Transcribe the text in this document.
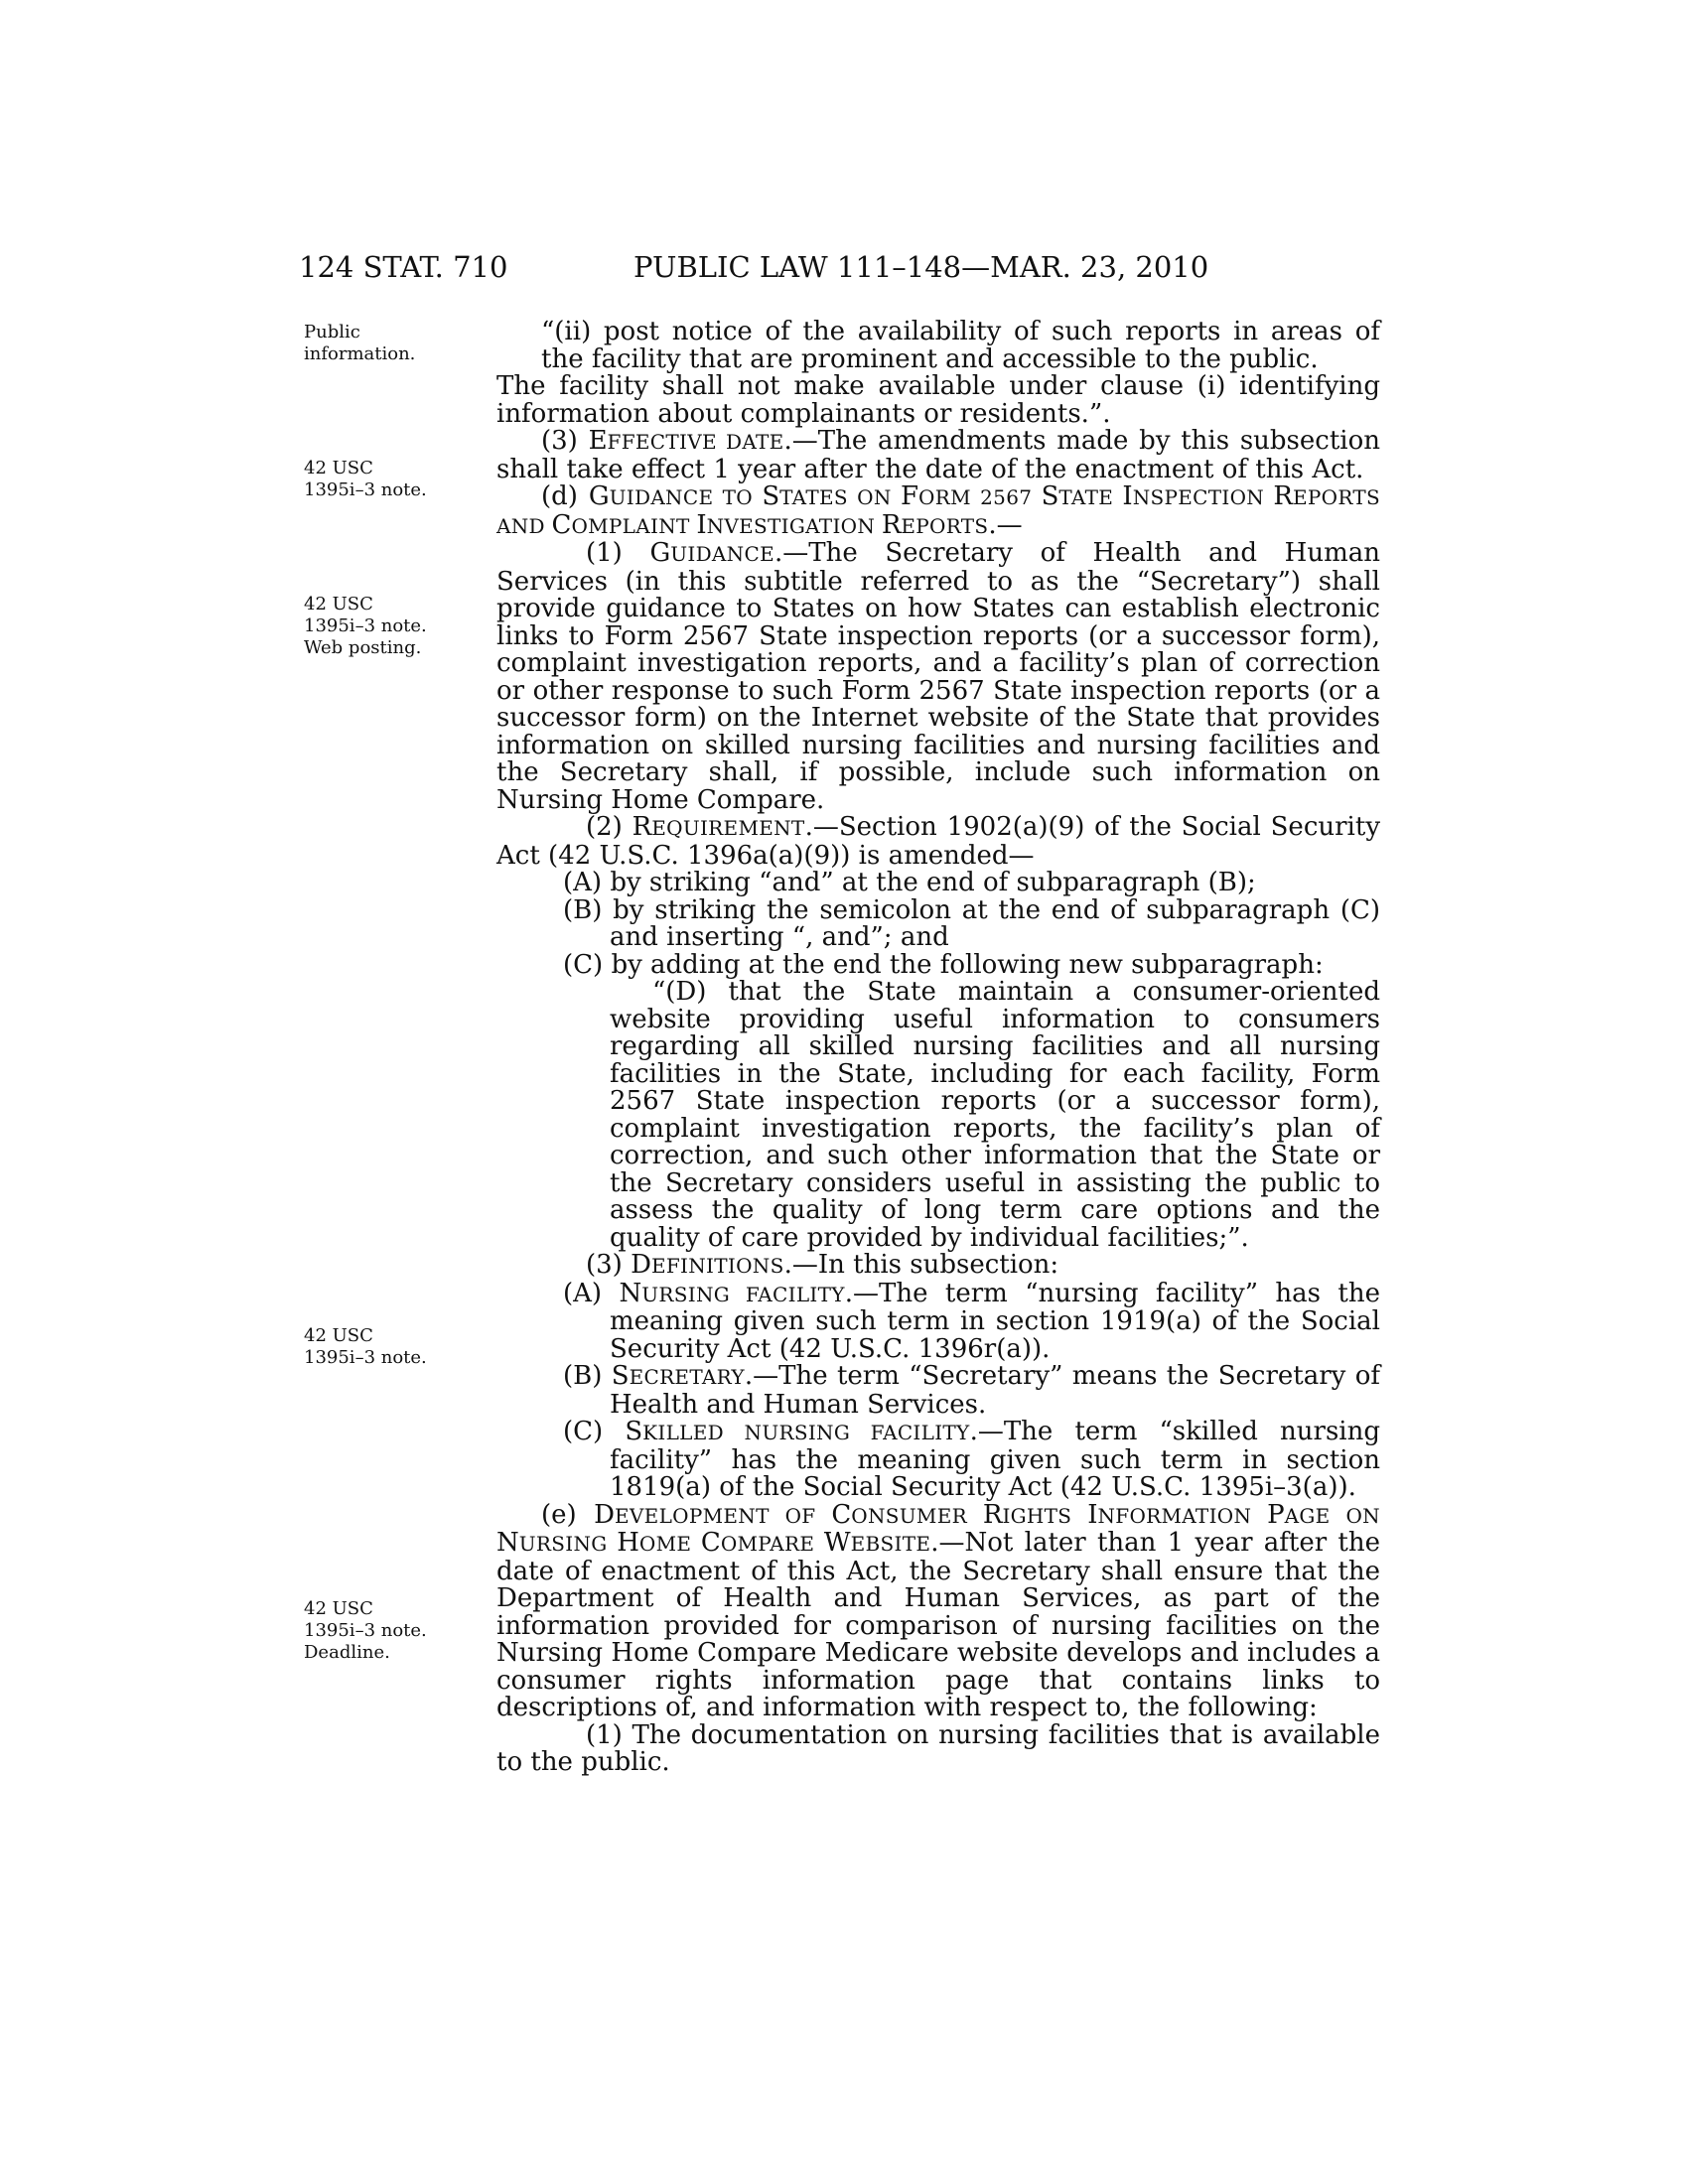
124 STAT. 710	PUBLIC LAW 111–148—MAR. 23, 2010
Public
information.
42 USC
1395i–3 note.
42 USC
1395i–3 note.
Web posting.
42 USC
1395i–3 note.
42 USC
1395i–3 note.
Deadline.

“(ii) post notice of the availability of such reports in areas of the facility that are prominent and accessible to the public.

The facility shall not make available under clause (i) identifying information about complainants or residents.”.

(3) EFFECTIVE DATE.—The amendments made by this subsection shall take effect 1 year after the date of the enactment of this Act.

(d) GUIDANCE TO STATES ON FORM 2567 STATE INSPECTION REPORTS AND COMPLAINT INVESTIGATION REPORTS.—

(1) GUIDANCE.—The Secretary of Health and Human Services (in this subtitle referred to as the “Secretary”) shall provide guidance to States on how States can establish electronic links to Form 2567 State inspection reports (or a successor form), complaint investigation reports, and a facility’s plan of correction or other response to such Form 2567 State inspection reports (or a successor form) on the Internet website of the State that provides information on skilled nursing facilities and nursing facilities and the Secretary shall, if possible, include such information on Nursing Home Compare.

(2) REQUIREMENT.—Section 1902(a)(9) of the Social Security Act (42 U.S.C. 1396a(a)(9)) is amended—

(A) by striking “and” at the end of subparagraph (B);

(B) by striking the semicolon at the end of subparagraph (C) and inserting “, and”; and

(C) by adding at the end the following new subparagraph:

“(D) that the State maintain a consumer-oriented website providing useful information to consumers regarding all skilled nursing facilities and all nursing facilities in the State, including for each facility, Form 2567 State inspection reports (or a successor form), complaint investigation reports, the facility’s plan of correction, and such other information that the State or the Secretary considers useful in assisting the public to assess the quality of long term care options and the quality of care provided by individual facilities;”.

(3) DEFINITIONS.—In this subsection:

(A) NURSING FACILITY.—The term “nursing facility” has the meaning given such term in section 1919(a) of the Social Security Act (42 U.S.C. 1396r(a)).

(B) SECRETARY.—The term “Secretary” means the Secretary of Health and Human Services.

(C) SKILLED NURSING FACILITY.—The term “skilled nursing facility” has the meaning given such term in section 1819(a) of the Social Security Act (42 U.S.C. 1395i–3(a)).

(e) DEVELOPMENT OF CONSUMER RIGHTS INFORMATION PAGE ON NURSING HOME COMPARE WEBSITE.—Not later than 1 year after the date of enactment of this Act, the Secretary shall ensure that the Department of Health and Human Services, as part of the information provided for comparison of nursing facilities on the Nursing Home Compare Medicare website develops and includes a consumer rights information page that contains links to descriptions of, and information with respect to, the following:

(1) The documentation on nursing facilities that is available to the public.
